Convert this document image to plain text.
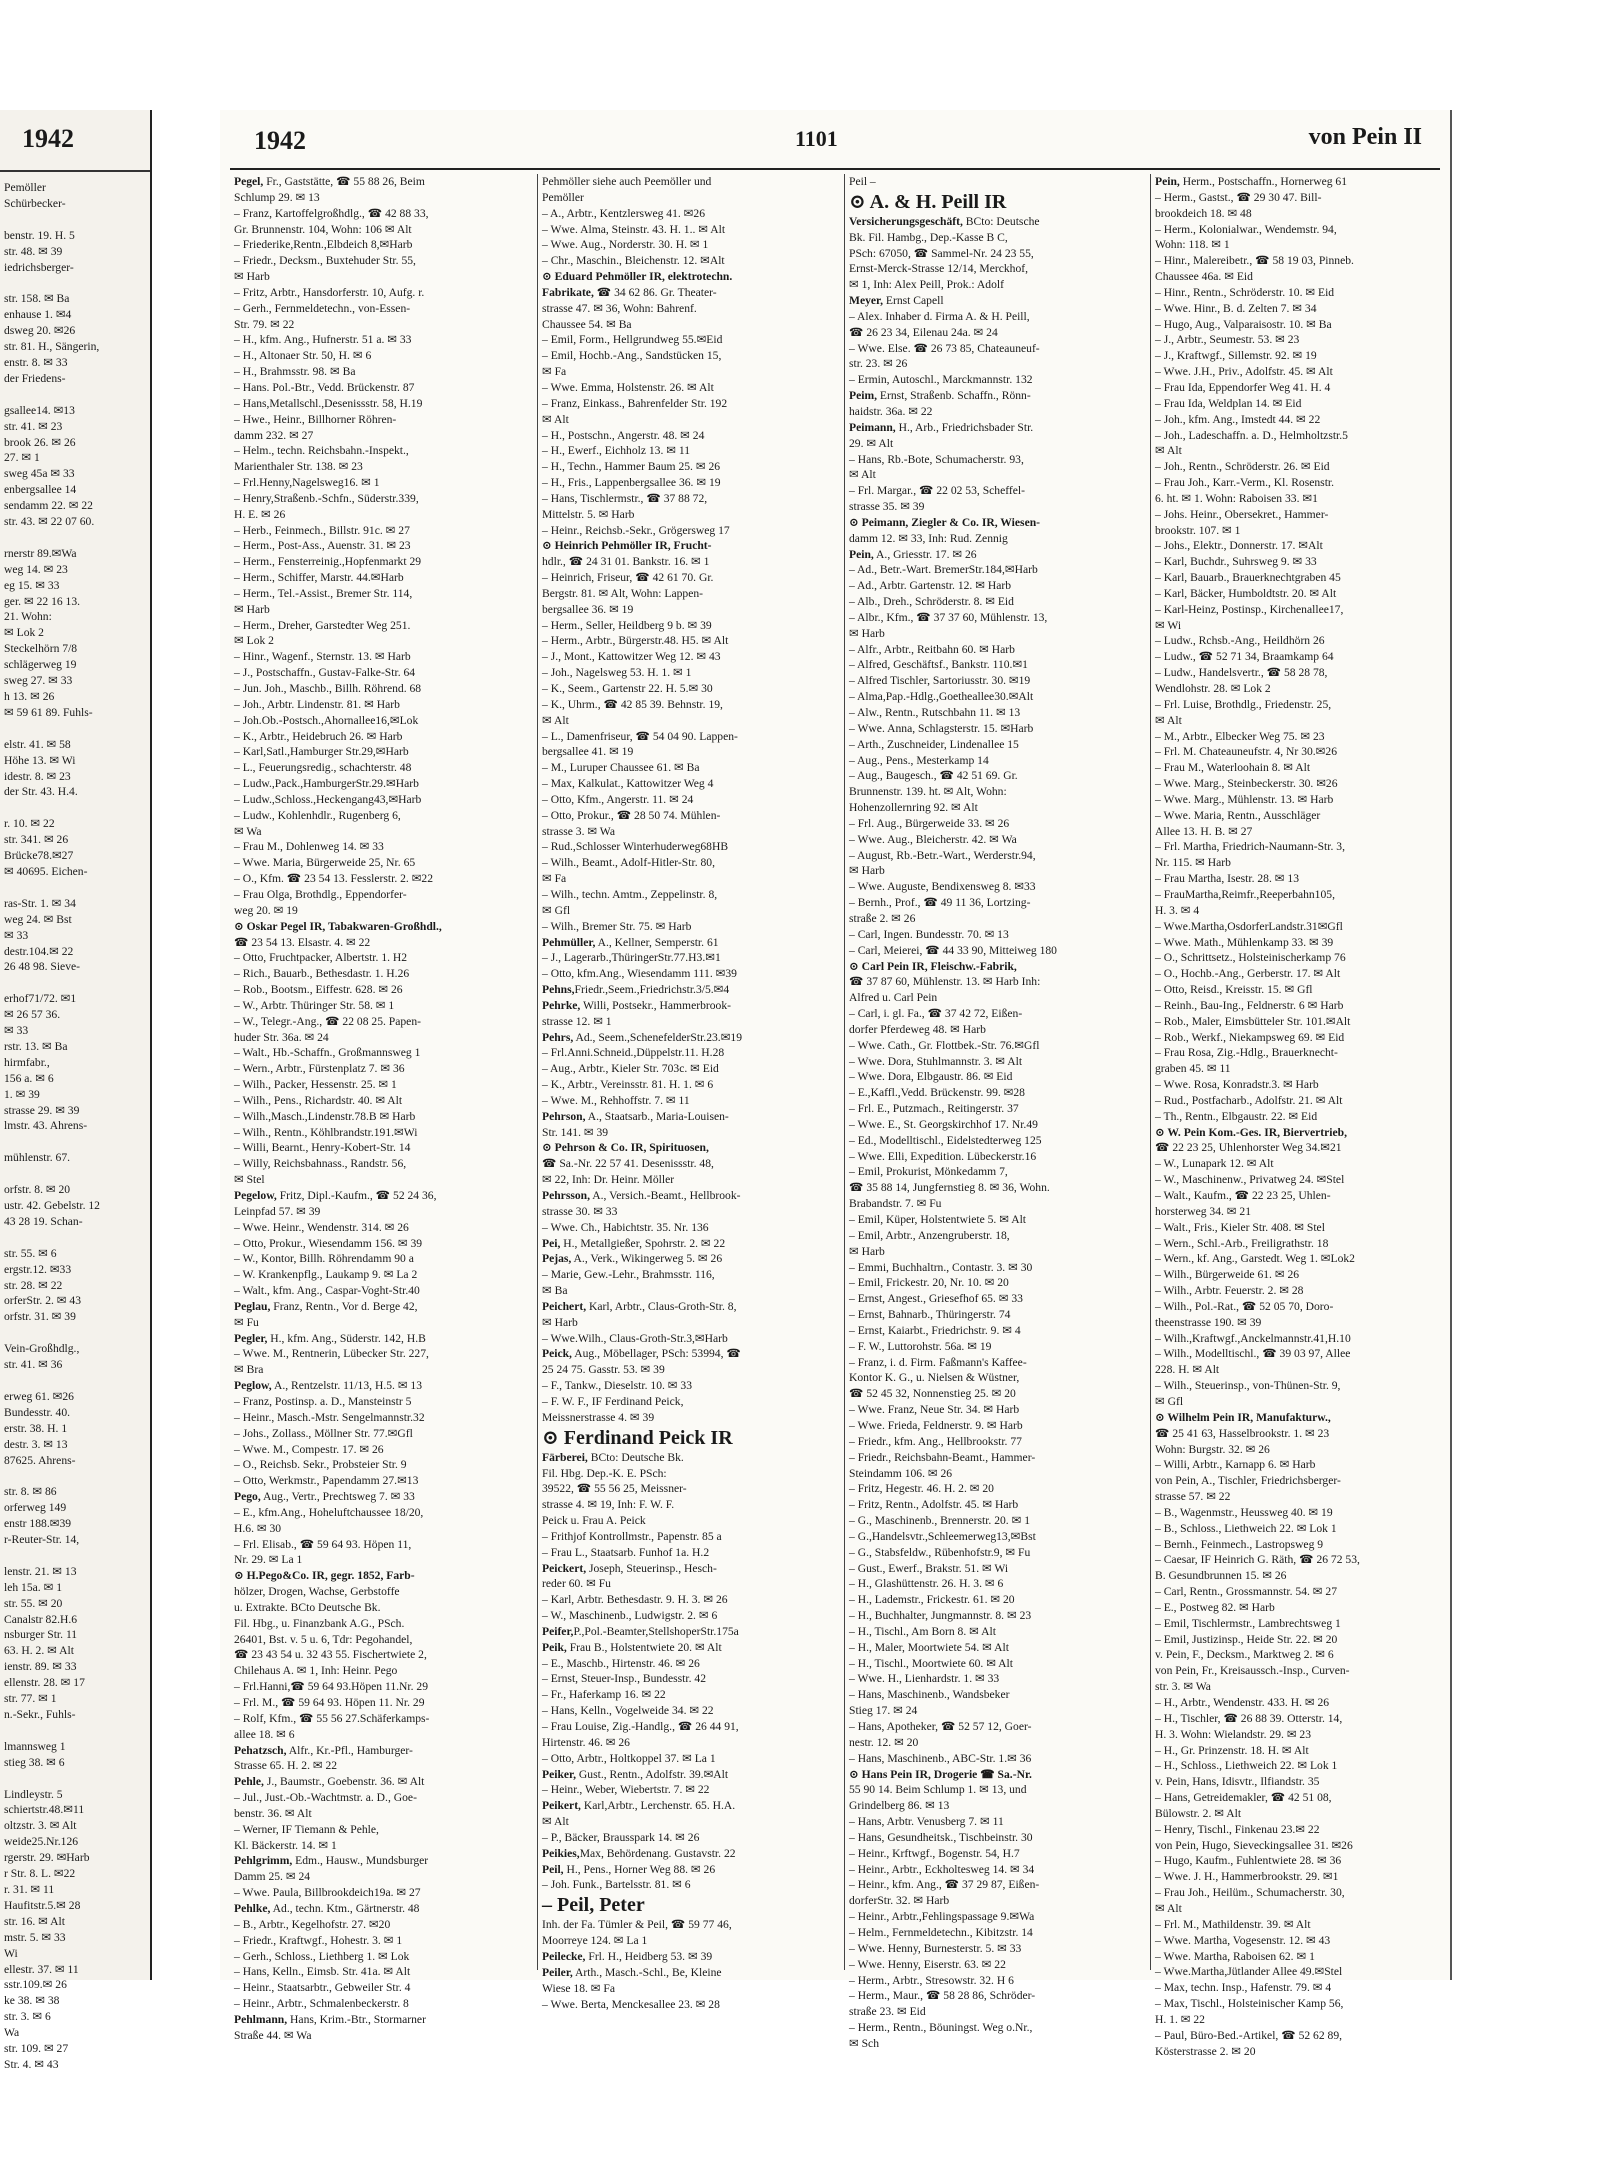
1942
Pemöller
Schürbecker-

benstr. 19. H. 5
str. 48. ✉ 39
iedrichsberger-

str. 158. ✉ Ba
enhause 1. ✉4
dsweg 20. ✉26
str. 81. H., Sängerin,
enstr. 8. ✉ 33
der Friedens-

gsallee14. ✉13
str. 41. ✉ 23
brook 26. ✉ 26
27. ✉ 1
sweg 45a ✉ 33
enbergsallee 14
sendamm 22. ✉ 22
str. 43. ✉ 22 07 60.

rnerstr 89.✉Wa
weg 14. ✉ 23
eg 15. ✉ 33
ger. ✉ 22 16 13.
21. Wohn:
✉ Lok 2
Steckelhörn 7/8
schlägerweg 19
sweg 27. ✉ 33
h 13. ✉ 26
✉ 59 61 89. Fuhls-

elstr. 41. ✉ 58
Höhe 13. ✉ Wi
idestr. 8. ✉ 23
der Str. 43. H.4.

r. 10. ✉ 22
str. 341. ✉ 26
Brücke78.✉27
✉ 40695. Eichen-

ras-Str. 1. ✉ 34
weg 24. ✉ Bst
✉ 33
destr.104.✉ 22
26 48 98. Sieve-

erhof71/72. ✉1
✉ 26 57 36.
✉ 33
rstr. 13. ✉ Ba
hirmfabr.,
156 a. ✉ 6
1. ✉ 39
strasse 29. ✉ 39
lmstr. 43. Ahrens-

mühlenstr. 67.

orfstr. 8. ✉ 20
ustr. 42. Gebelstr. 12
43 28 19. Schan-

str. 55. ✉ 6
ergstr.12. ✉33
str. 28. ✉ 22
orferStr. 2. ✉ 43
orfstr. 31. ✉ 39

Vein-Großhdlg.,
str. 41. ✉ 36

erweg 61. ✉26
Bundesstr. 40.
erstr. 38. H. 1
destr. 3. ✉ 13
87625. Ahrens-

str. 8. ✉ 86
orferweg 149
enstr 188.✉39
r-Reuter-Str. 14,

lenstr. 21. ✉ 13
leh 15a. ✉ 1
str. 55. ✉ 20
Canalstr 82.H.6
nsburger Str. 11
63. H. 2. ✉ Alt
ienstr. 89. ✉ 33
ellenstr. 28. ✉ 17
str. 77. ✉ 1
n.-Sekr., Fuhls-

lmannsweg 1
stieg 38. ✉ 6

Lindleystr. 5
schiertstr.48.✉11
oltzstr. 3. ✉ Alt
weide25.Nr.126
rgerstr. 29. ✉Harb
r Str. 8. L. ✉22
r. 31. ✉ 11
Haufitstr.5.✉ 28
str. 16. ✉ Alt
mstr. 5. ✉ 33
Wi
ellestr. 37. ✉ 11
sstr.109.✉ 26
ke 38. ✉ 38
str. 3. ✉ 6
Wa
str. 109. ✉ 27
Str. 4. ✉ 43
1942	1101	von Pein II
Pegel, Fr., Gaststätte, ☎ 55 88 26, Beim
Schlump 29. ✉ 13
– Franz, Kartoffelgroßhdlg., ☎ 42 88 33,
Gr. Brunnenstr. 104, Wohn: 106 ✉ Alt
– Friederike,Rentn.,Elbdeich 8,✉Harb
– Friedr., Decksm., Buxtehuder Str. 55,
✉ Harb
– Fritz, Arbtr., Hansdorferstr. 10, Aufg. r.
– Gerh., Fernmeldetechn., von-Essen-
Str. 79. ✉ 22
– H., kfm. Ang., Hufnerstr. 51 a. ✉ 33
– H., Altonaer Str. 50, H. ✉ 6
– H., Brahmsstr. 98. ✉ Ba
– Hans. Pol.-Btr., Vedd. Brückenstr. 87
– Hans,Metallschl.,Desenissstr. 58, H.19
– Hwe., Heinr., Billhorner Röhren-
damm 232. ✉ 27
– Helm., techn. Reichsbahn.-Inspekt.,
Marienthaler Str. 138. ✉ 23
– Frl.Henny,Nagelsweg16. ✉ 1
– Henry,Straßenb.-Schfn., Süderstr.339,
H. E. ✉ 26
– Herb., Feinmech., Billstr. 91c. ✉ 27
– Herm., Post-Ass., Auenstr. 31. ✉ 23
– Herm., Fensterreinig.,Hopfenmarkt 29
– Herm., Schiffer, Marstr. 44.✉Harb
– Herm., Tel.-Assist., Bremer Str. 114,
✉ Harb
– Herm., Dreher, Garstedter Weg 251.
✉ Lok 2
– Hinr., Wagenf., Sternstr. 13. ✉ Harb
– J., Postschaffn., Gustav-Falke-Str. 64
– Jun. Joh., Maschb., Billh. Röhrend. 68
– Joh., Arbtr. Lindenstr. 81. ✉ Harb
– Joh.Ob.-Postsch.,Ahornallee16,✉Lok
– K., Arbtr., Heidebruch 26. ✉ Harb
– Karl,Satl.,Hamburger Str.29,✉Harb
– L., Feuerungsredig., schachterstr. 48
– Ludw.,Pack.,HamburgerStr.29.✉Harb
– Ludw.,Schloss.,Heckengang43,✉Harb
– Ludw., Kohlenhdlr., Rugenberg 6,
✉ Wa
– Frau M., Dohlenweg 14. ✉ 33
– Wwe. Maria, Bürgerweide 25, Nr. 65
– O., Kfm. ☎ 23 54 13. Fesslerstr. 2. ✉22
– Frau Olga, Brothdlg., Eppendorfer-
weg 20. ✉ 19
⊙ Oskar Pegel IR, Tabakwaren-Großhdl.,
☎ 23 54 13. Elsastr. 4. ✉ 22
– Otto, Fruchtpacker, Albertstr. 1. H2
– Rich., Bauarb., Bethesdastr. 1. H.26
– Rob., Bootsm., Eiffestr. 628. ✉ 26
– W., Arbtr. Thüringer Str. 58. ✉ 1
– W., Telegr.-Ang., ☎ 22 08 25. Papen-
huder Str. 36a. ✉ 24
– Walt., Hb.-Schaffn., Großmannsweg 1
– Wern., Arbtr., Fürstenplatz 7. ✉ 36
– Wilh., Packer, Hessenstr. 25. ✉ 1
– Wilh., Pens., Richardstr. 40. ✉ Alt
– Wilh.,Masch.,Lindenstr.78.B ✉ Harb
– Wilh., Rentn., Köhlbrandstr.191.✉Wi
– Willi, Bearnt., Henry-Kobert-Str. 14
– Willy, Reichsbahnass., Randstr. 56,
✉ Stel
Pegelow, Fritz, Dipl.-Kaufm., ☎ 52 24 36,
Leinpfad 57. ✉ 39
– Wwe. Heinr., Wendenstr. 314. ✉ 26
– Otto, Prokur., Wiesendamm 156. ✉ 39
– W., Kontor, Billh. Röhrendamm 90 a
– W. Krankenpflg., Laukamp 9. ✉ La 2
– Walt., kfm. Ang., Caspar-Voght-Str.40
Peglau, Franz, Rentn., Vor d. Berge 42,
✉ Fu
Pegler, H., kfm. Ang., Süderstr. 142, H.B
– Wwe. M., Rentnerin, Lübecker Str. 227,
✉ Bra
Peglow, A., Rentzelstr. 11/13, H.5. ✉ 13
– Franz, Postinsp. a. D., Mansteinstr 5
– Heinr., Masch.-Mstr. Sengelmannstr.32
– Johs., Zollass., Möllner Str. 77.✉Gfl
– Wwe. M., Compestr. 17. ✉ 26
– O., Reichsb. Sekr., Probsteier Str. 9
– Otto, Werkmstr., Papendamm 27.✉13
Pego, Aug., Vertr., Prechtsweg 7. ✉ 33
– E., kfm.Ang., Hoheluftchaussee 18/20,
H.6. ✉ 30
– Frl. Elisab., ☎ 59 64 93. Höpen 11,
Nr. 29. ✉ La 1
⊙ H.Pego&Co. IR, gegr. 1852, Farb-
hölzer, Drogen, Wachse, Gerbstoffe
u. Extrakte. BCto Deutsche Bk.
Fil. Hbg., u. Finanzbank A.G., PSch.
26401, Bst. v. 5 u. 6, Tdr: Pegohandel,
☎ 23 43 54 u. 32 43 55. Fischertwiete 2,
Chilehaus A. ✉ 1, Inh: Heinr. Pego
– Frl.Hanni,☎ 59 64 93.Höpen 11.Nr. 29
– Frl. M., ☎ 59 64 93. Höpen 11. Nr. 29
– Rolf, Kfm., ☎ 55 56 27.Schäferkamps-
allee 18. ✉ 6
Pehatzsch, Alfr., Kr.-Pfl., Hamburger-
Strasse 65. H. 2. ✉ 22
Pehle, J., Baumstr., Goebenstr. 36. ✉ Alt
– Jul., Just.-Ob.-Wachtmstr. a. D., Goe-
benstr. 36. ✉ Alt
– Werner, IF Tiemann & Pehle,
Kl. Bäckerstr. 14. ✉ 1
Pehlgrimm, Edm., Hausw., Mundsburger
Damm 25. ✉ 24
– Wwe. Paula, Billbrookdeich19a. ✉ 27
Pehlke, Ad., techn. Ktm., Gärtnerstr. 48
– B., Arbtr., Kegelhofstr. 27. ✉20
– Friedr., Kraftwgf., Hohestr. 3. ✉ 1
– Gerh., Schloss., Liethberg 1. ✉ Lok
– Hans, Kelln., Eimsb. Str. 41a. ✉ Alt
– Heinr., Staatsarbtr., Gebweiler Str. 4
– Heinr., Arbtr., Schmalenbeckerstr. 8
Pehlmann, Hans, Krim.-Btr., Stormarner
Straße 44. ✉ Wa
Pehmöller siehe auch Peemöller und
Pemöller
– A., Arbtr., Kentzlersweg 41. ✉26
– Wwe. Alma, Steinstr. 43. H. 1.. ✉ Alt
– Wwe. Aug., Norderstr. 30. H. ✉ 1
– Chr., Maschin., Bleichenstr. 12. ✉Alt
⊙ Eduard Pehmöller IR, elektrotechn.
Fabrikate, ☎ 34 62 86. Gr. Theater-
strasse 47. ✉ 36, Wohn: Bahrenf.
Chaussee 54. ✉ Ba
– Emil, Form., Hellgrundweg 55.✉Eid
– Emil, Hochb.-Ang., Sandstücken 15,
✉ Fa
– Wwe. Emma, Holstenstr. 26. ✉ Alt
– Franz, Einkass., Bahrenfelder Str. 192
✉ Alt
– H., Postschn., Angerstr. 48. ✉ 24
– H., Ewerf., Eichholz 13. ✉ 11
– H., Techn., Hammer Baum 25. ✉ 26
– H., Fris., Lappenbergsallee 36. ✉ 19
– Hans, Tischlermstr., ☎ 37 88 72,
Mittelstr. 5. ✉ Harb
– Heinr., Reichsb.-Sekr., Grögersweg 17
⊙ Heinrich Pehmöller IR, Frucht-
hdlr., ☎ 24 31 01. Bankstr. 16. ✉ 1
– Heinrich, Friseur, ☎ 42 61 70. Gr.
Bergstr. 81. ✉ Alt, Wohn: Lappen-
bergsallee 36. ✉ 19
– Herm., Seller, Heildberg 9 b. ✉ 39
– Herm., Arbtr., Bürgerstr.48. H5. ✉ Alt
– J., Mont., Kattowitzer Weg 12. ✉ 43
– Joh., Nagelsweg 53. H. 1. ✉ 1
– K., Seem., Gartenstr 22. H. 5.✉ 30
– K., Uhrm., ☎ 42 85 39. Behnstr. 19,
✉ Alt
– L., Damenfriseur, ☎ 54 04 90. Lappen-
bergsallee 41. ✉ 19
– M., Luruper Chaussee 61. ✉ Ba
– Max, Kalkulat., Kattowitzer Weg 4
– Otto, Kfm., Angerstr. 11. ✉ 24
– Otto, Prokur., ☎ 28 50 74. Mühlen-
strasse 3. ✉ Wa
– Rud.,Schlosser Winterhuderweg68HB
– Wilh., Beamt., Adolf-Hitler-Str. 80,
✉ Fa
– Wilh., techn. Amtm., Zeppelinstr. 8,
✉ Gfl
– Wilh., Bremer Str. 75. ✉ Harb
Pehmüller, A., Kellner, Semperstr. 61
– J., Lagerarb.,ThüringerStr.77.H3.✉1
– Otto, kfm.Ang., Wiesendamm 111. ✉39
Pehns,Friedr.,Seem.,Friedrichstr.3/5.✉4
Pehrke, Willi, Postsekr., Hammerbrook-
strasse 12. ✉ 1
Pehrs, Ad., Seem.,SchenefelderStr.23.✉19
– Frl.Anni.Schneid.,Düppelstr.11. H.28
– Aug., Arbtr., Kieler Str. 703c. ✉ Eid
– K., Arbtr., Vereinsstr. 81. H. 1. ✉ 6
– Wwe. M., Rehhoffstr. 7. ✉ 11
Pehrson, A., Staatsarb., Maria-Louisen-
Str. 141. ✉ 39
⊙ Pehrson & Co. IR, Spirituosen,
☎ Sa.-Nr. 22 57 41. Desenissstr. 48,
✉ 22, Inh: Dr. Heinr. Möller
Pehrsson, A., Versich.-Beamt., Hellbrook-
strasse 30. ✉ 33
– Wwe. Ch., Habichtstr. 35. Nr. 136
Pei, H., Metallgießer, Spohrstr. 2. ✉ 22
Pejas, A., Verk., Wikingerweg 5. ✉ 26
– Marie, Gew.-Lehr., Brahmsstr. 116,
✉ Ba
Peichert, Karl, Arbtr., Claus-Groth-Str. 8,
✉ Harb
– Wwe.Wilh., Claus-Groth-Str.3,✉Harb
Peick, Aug., Möbellager, PSch: 53994, ☎
25 24 75. Gasstr. 53. ✉ 39
– F., Tankw., Dieselstr. 10. ✉ 33
– F. W. F., IF Ferdinand Peick,
Meissnerstrasse 4. ✉ 39
⊙ Ferdinand Peick IR
Färberei, BCto: Deutsche Bk.
Fil. Hbg. Dep.-K. E. PSch:
39522, ☎ 55 56 25, Meissner-
strasse 4. ✉ 19, Inh: F. W. F.
Peick u. Frau A. Peick
– Frithjof Kontrollmstr., Papenstr. 85 a
– Frau L., Staatsarb. Funhof 1a. H.2
Peickert, Joseph, Steuerinsp., Hesch-
reder 60. ✉ Fu
– Karl, Arbtr. Bethesdastr. 9. H. 3. ✉ 26
– W., Maschinenb., Ludwigstr. 2. ✉ 6
Peifer,P.,Pol.-Beamter,StellshoperStr.175a
Peik, Frau B., Holstentwiete 20. ✉ Alt
– E., Maschb., Hirtenstr. 46. ✉ 26
– Ernst, Steuer-Insp., Bundesstr. 42
– Fr., Haferkamp 16. ✉ 22
– Hans, Kelln., Vogelweide 34. ✉ 22
– Frau Louise, Zig.-Handlg., ☎ 26 44 91,
Hirtenstr. 46. ✉ 26
– Otto, Arbtr., Holtkoppel 37. ✉ La 1
Peiker, Gust., Rentn., Adolfstr. 39.✉Alt
– Heinr., Weber, Wiebertstr. 7. ✉ 22
Peikert, Karl,Arbtr., Lerchenstr. 65. H.A.
✉ Alt
– P., Bäcker, Brausspark 14. ✉ 26
Peikies,Max, Behördenang. Gustavstr. 22
Peil, H., Pens., Horner Weg 88. ✉ 26
– Joh. Funk., Bartelsstr. 81. ✉ 6
– Peil, Peter
Inh. der Fa. Tümler & Peil, ☎ 59 77 46,
Moorreye 124. ✉ La 1
Peilecke, Frl. H., Heidberg 53. ✉ 39
Peiler, Arth., Masch.-Schl., Be, Kleine
Wiese 18. ✉ Fa
– Wwe. Berta, Menckesallee 23. ✉ 28
Peil –
⊙ A. & H. Peill IR
Versicherungsgeschäft, BCto: Deutsche
Bk. Fil. Hambg., Dep.-Kasse B C,
PSch: 67050, ☎ Sammel-Nr. 24 23 55,
Ernst-Merck-Strasse 12/14, Merckhof,
✉ 1, Inh: Alex Peill, Prok.: Adolf
Meyer, Ernst Capell
– Alex. Inhaber d. Firma A. & H. Peill,
☎ 26 23 34, Eilenau 24a. ✉ 24
– Wwe. Else. ☎ 26 73 85, Chateauneuf-
str. 23. ✉ 26
– Ermin, Autoschl., Marckmannstr. 132
Peim, Ernst, Straßenb. Schaffn., Rönn-
haidstr. 36a. ✉ 22
Peimann, H., Arb., Friedrichsbader Str.
29. ✉ Alt
– Hans, Rb.-Bote, Schumacherstr. 93,
✉ Alt
– Frl. Margar., ☎ 22 02 53, Scheffel-
strasse 35. ✉ 39
⊙ Peimann, Ziegler & Co. IR, Wiesen-
damm 12. ✉ 33, Inh: Rud. Zennig
Pein, A., Griesstr. 17. ✉ 26
– Ad., Betr.-Wart. BremerStr.184,✉Harb
– Ad., Arbtr. Gartenstr. 12. ✉ Harb
– Alb., Dreh., Schröderstr. 8. ✉ Eid
– Albr., Kfm., ☎ 37 37 60, Mühlenstr. 13,
✉ Harb
– Alfr., Arbtr., Reitbahn 60. ✉ Harb
– Alfred, Geschäftsf., Bankstr. 110.✉1
– Alfred Tischler, Sartoriusstr. 30. ✉19
– Alma,Pap.-Hdlg.,Goetheallee30.✉Alt
– Alw., Rentn., Rutschbahn 11. ✉ 13
– Wwe. Anna, Schlagsterstr. 15. ✉Harb
– Arth., Zuschneider, Lindenallee 15
– Aug., Pens., Mesterkamp 14
– Aug., Baugesch., ☎ 42 51 69. Gr.
Brunnenstr. 139. ht. ✉ Alt, Wohn:
Hohenzollernring 92. ✉ Alt
– Frl. Aug., Bürgerweide 33. ✉ 26
– Wwe. Aug., Bleicherstr. 42. ✉ Wa
– August, Rb.-Betr.-Wart., Werderstr.94,
✉ Harb
– Wwe. Auguste, Bendixensweg 8. ✉33
– Bernh., Prof., ☎ 49 11 36, Lortzing-
straße 2. ✉ 26
– Carl, Ingen. Bundesstr. 70. ✉ 13
– Carl, Meierei, ☎ 44 33 90, Mitteiweg 180
⊙ Carl Pein IR, Fleischw.-Fabrik,
☎ 37 87 60, Mühlenstr. 13. ✉ Harb Inh:
Alfred u. Carl Pein
– Carl, i. gl. Fa., ☎ 37 42 72, Eißen-
dorfer Pferdeweg 48. ✉ Harb
– Wwe. Cath., Gr. Flottbek.-Str. 76.✉Gfl
– Wwe. Dora, Stuhlmannstr. 3. ✉ Alt
– Wwe. Dora, Elbgaustr. 86. ✉ Eid
– E.,Kaffl.,Vedd. Brückenstr. 99. ✉28
– Frl. E., Putzmach., Reitingerstr. 37
– Wwe. E., St. Georgskirchhof 17. Nr.49
– Ed., Modelltischl., Eidelstedterweg 125
– Wwe. Elli, Expedition. Lübeckerstr.16
– Emil, Prokurist, Mönkedamm 7,
☎ 35 88 14, Jungfernstieg 8. ✉ 36, Wohn.
Brabandstr. 7. ✉ Fu
– Emil, Küper, Holstentwiete 5. ✉ Alt
– Emil, Arbtr., Anzengruberstr. 18,
✉ Harb
– Emmi, Buchhaltrn., Contastr. 3. ✉ 30
– Emil, Frickestr. 20, Nr. 10. ✉ 20
– Ernst, Angest., Griesefhof 65. ✉ 33
– Ernst, Bahnarb., Thüringerstr. 74
– Ernst, Kaiarbt., Friedrichstr. 9. ✉ 4
– F. W., Luttorohstr. 56a. ✉ 19
– Franz, i. d. Firm. Faßmann's Kaffee-
Kontor K. G., u. Nielsen & Wüstner,
☎ 52 45 32, Nonnenstieg 25. ✉ 20
– Wwe. Franz, Neue Str. 34. ✉ Harb
– Wwe. Frieda, Feldnerstr. 9. ✉ Harb
– Friedr., kfm. Ang., Hellbrookstr. 77
– Friedr., Reichsbahn-Beamt., Hammer-
Steindamm 106. ✉ 26
– Fritz, Hegestr. 46. H. 2. ✉ 20
– Fritz, Rentn., Adolfstr. 45. ✉ Harb
– G., Maschinenb., Brennerstr. 20. ✉ 1
– G.,Handelsvtr.,Schleemerweg13,✉Bst
– G., Stabsfeldw., Rübenhofstr.9, ✉ Fu
– Gust., Ewerf., Brakstr. 51. ✉ Wi
– H., Glashüttenstr. 26. H. 3. ✉ 6
– H., Lademstr., Frickestr. 61. ✉ 20
– H., Buchhalter, Jungmannstr. 8. ✉ 23
– H., Tischl., Am Born 8. ✉ Alt
– H., Maler, Moortwiete 54. ✉ Alt
– H., Tischl., Moortwiete 60. ✉ Alt
– Wwe. H., Lienhardstr. 1. ✉ 33
– Hans, Maschinenb., Wandsbeker
Stieg 17. ✉ 24
– Hans, Apotheker, ☎ 52 57 12, Goer-
nestr. 12. ✉ 20
– Hans, Maschinenb., ABC-Str. 1.✉ 36
⊙ Hans Pein IR, Drogerie ☎ Sa.-Nr.
55 90 14. Beim Schlump 1. ✉ 13, und
Grindelberg 86. ✉ 13
– Hans, Arbtr. Venusberg 7. ✉ 11
– Hans, Gesundheitsk., Tischbeinstr. 30
– Heinr., Krftwgf., Bogenstr. 54, H.7
– Heinr., Arbtr., Eckholtesweg 14. ✉ 34
– Heinr., kfm. Ang., ☎ 37 29 87, Eißen-
dorferStr. 32. ✉ Harb
– Heinr., Arbtr.,Fehlingspassage 9.✉Wa
– Helm., Fernmeldetechn., Kibitzstr. 14
– Wwe. Henny, Burnesterstr. 5. ✉ 33
– Wwe. Henny, Eiserstr. 63. ✉ 22
– Herm., Arbtr., Stresowstr. 32. H 6
– Herm., Maur., ☎ 58 28 86, Schröder-
straße 23. ✉ Eid
– Herm., Rentn., Böuningst. Weg o.Nr.,
✉ Sch
Pein, Herm., Postschaffn., Hornerweg 61
– Herm., Gastst., ☎ 29 30 47. Bill-
brookdeich 18. ✉ 48
– Herm., Kolonialwar., Wendemstr. 94,
Wohn: 118. ✉ 1
– Hinr., Malereibetr., ☎ 58 19 03, Pinneb.
Chaussee 46a. ✉ Eid
– Hinr., Rentn., Schröderstr. 10. ✉ Eid
– Wwe. Hinr., B. d. Zelten 7. ✉ 34
– Hugo, Aug., Valparaisostr. 10. ✉ Ba
– J., Arbtr., Seumestr. 53. ✉ 23
– J., Kraftwgf., Sillemstr. 92. ✉ 19
– Wwe. J.H., Priv., Adolfstr. 45. ✉ Alt
– Frau Ida, Eppendorfer Weg 41. H. 4
– Frau Ida, Weldplan 14. ✉ Eid
– Joh., kfm. Ang., Imstedt 44. ✉ 22
– Joh., Ladeschaffn. a. D., Helmholtzstr.5
✉ Alt
– Joh., Rentn., Schröderstr. 26. ✉ Eid
– Frau Joh., Karr.-Verm., Kl. Rosenstr.
6. ht. ✉ 1. Wohn: Raboisen 33. ✉1
– Johs. Heinr., Obersekret., Hammer-
brookstr. 107. ✉ 1
– Johs., Elektr., Donnerstr. 17. ✉Alt
– Karl, Buchdr., Suhrsweg 9. ✉ 33
– Karl, Bauarb., Brauerknechtgraben 45
– Karl, Bäcker, Humboldtstr. 20. ✉ Alt
– Karl-Heinz, Postinsp., Kirchenallee17,
✉ Wi
– Ludw., Rchsb.-Ang., Heildhörn 26
– Ludw., ☎ 52 71 34, Braamkamp 64
– Ludw., Handelsvertr., ☎ 58 28 78,
Wendlohstr. 28. ✉ Lok 2
– Frl. Luise, Brothdlg., Friedenstr. 25,
✉ Alt
– M., Arbtr., Elbecker Weg 75. ✉ 23
– Frl. M. Chateauneufstr. 4, Nr 30.✉26
– Frau M., Waterloohain 8. ✉ Alt
– Wwe. Marg., Steinbeckerstr. 30. ✉26
– Wwe. Marg., Mühlenstr. 13. ✉ Harb
– Wwe. Maria, Rentn., Ausschläger
Allee 13. H. B. ✉ 27
– Frl. Martha, Friedrich-Naumann-Str. 3,
Nr. 115. ✉ Harb
– Frau Martha, Isestr. 28. ✉ 13
– FrauMartha,Reimfr.,Reeperbahn105,
H. 3. ✉ 4
– Wwe.Martha,OsdorferLandstr.31✉Gfl
– Wwe. Math., Mühlenkamp 33. ✉ 39
– O., Schrittsetz., Holsteinischerkamp 76
– O., Hochb.-Ang., Gerberstr. 17. ✉ Alt
– Otto, Reisd., Kreisstr. 15. ✉ Gfl
– Reinh., Bau-Ing., Feldnerstr. 6 ✉ Harb
– Rob., Maler, Eimsbütteler Str. 101.✉Alt
– Rob., Werkf., Niekampsweg 69. ✉ Eid
– Frau Rosa, Zig.-Hdlg., Brauerknecht-
graben 45. ✉ 11
– Wwe. Rosa, Konradstr.3. ✉ Harb
– Rud., Postfacharb., Adolfstr. 21. ✉ Alt
– Th., Rentn., Elbgaustr. 22. ✉ Eid
⊙ W. Pein Kom.-Ges. IR, Biervertrieb,
☎ 22 23 25, Uhlenhorster Weg 34.✉21
– W., Lunapark 12. ✉ Alt
– W., Maschinenw., Privatweg 24. ✉Stel
– Walt., Kaufm., ☎ 22 23 25, Uhlen-
horsterweg 34. ✉ 21
– Walt., Fris., Kieler Str. 408. ✉ Stel
– Wern., Schl.-Arb., Freiligrathstr. 18
– Wern., kf. Ang., Garstedt. Weg 1. ✉Lok2
– Wilh., Bürgerweide 61. ✉ 26
– Wilh., Arbtr. Feuerstr. 2. ✉ 28
– Wilh., Pol.-Rat., ☎ 52 05 70, Doro-
theenstrasse 190. ✉ 39
– Wilh.,Kraftwgf.,Anckelmannstr.41,H.10
– Wilh., Modelltischl., ☎ 39 03 97, Allee
228. H. ✉ Alt
– Wilh., Steuerinsp., von-Thünen-Str. 9,
✉ Gfl
⊙ Wilhelm Pein IR, Manufakturw.,
☎ 25 41 63, Hasselbrookstr. 1. ✉ 23
Wohn: Burgstr. 32. ✉ 26
– Willi, Arbtr., Karnapp 6. ✉ Harb
von Pein, A., Tischler, Friedrichsberger-
strasse 57. ✉ 22
– B., Wagenmstr., Heussweg 40. ✉ 19
– B., Schloss., Liethweich 22. ✉ Lok 1
– Bernh., Feinmech., Lastropsweg 9
– Caesar, IF Heinrich G. Räth, ☎ 26 72 53,
B. Gesundbrunnen 15. ✉ 26
– Carl, Rentn., Grossmannstr. 54. ✉ 27
– E., Postweg 82. ✉ Harb
– Emil, Tischlermstr., Lambrechtsweg 1
– Emil, Justizinsp., Heide Str. 22. ✉ 20
v. Pein, F., Decksm., Marktweg 2. ✉ 6
von Pein, Fr., Kreisaussch.-Insp., Curven-
str. 3. ✉ Wa
– H., Arbtr., Wendenstr. 433. H. ✉ 26
– H., Tischler, ☎ 26 88 39. Otterstr. 14,
H. 3. Wohn: Wielandstr. 29. ✉ 23
– H., Gr. Prinzenstr. 18. H. ✉ Alt
– H., Schloss., Liethweich 22. ✉ Lok 1
v. Pein, Hans, Idisvtr., Ilfiandstr. 35
– Hans, Getreidemakler, ☎ 42 51 08,
Bülowstr. 2. ✉ Alt
– Henry, Tischl., Finkenau 23.✉ 22
von Pein, Hugo, Sieveckingsallee 31. ✉26
– Hugo, Kaufm., Fuhlentwiete 28. ✉ 36
– Wwe. J. H., Hammerbrookstr. 29. ✉1
– Frau Joh., Heilüm., Schumacherstr. 30,
✉ Alt
– Frl. M., Mathildenstr. 39. ✉ Alt
– Wwe. Martha, Vogesenstr. 12. ✉ 43
– Wwe. Martha, Raboisen 62. ✉ 1
– Wwe.Martha,Jütlander Allee 49.✉Stel
– Max, techn. Insp., Hafenstr. 79. ✉ 4
– Max, Tischl., Holsteinischer Kamp 56,
H. 1. ✉ 22
– Paul, Büro-Bed.-Artikel, ☎ 52 62 89,
Kösterstrasse 2. ✉ 20
